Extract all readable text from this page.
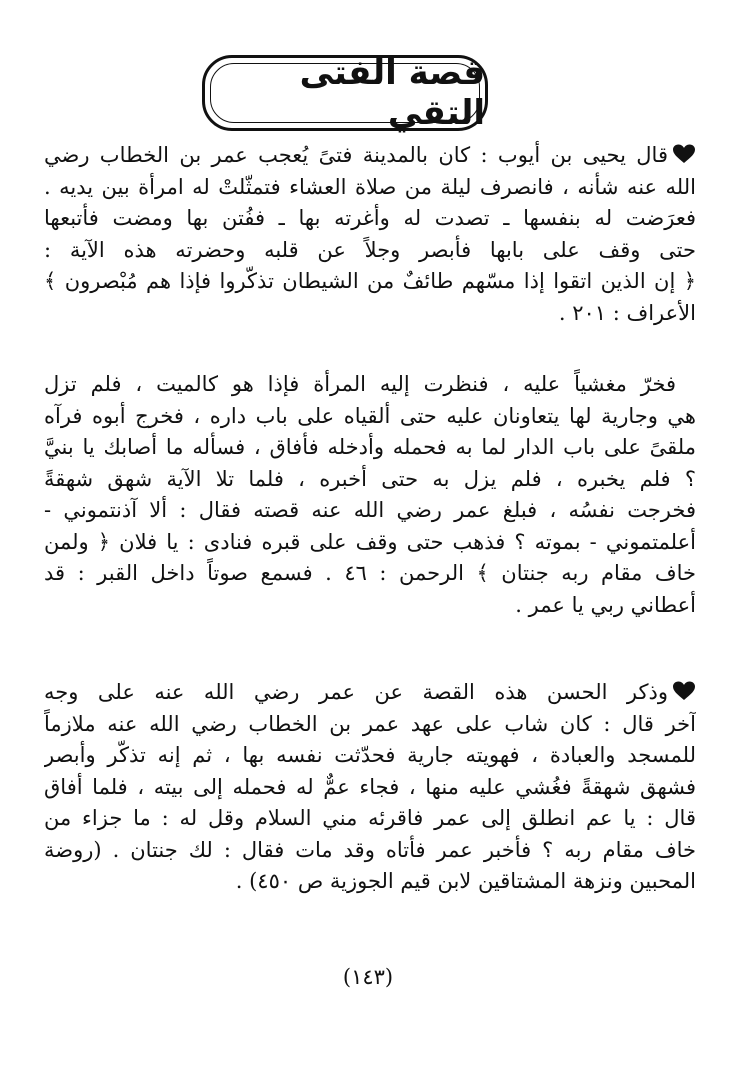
قصة الفتى التقي
قال يحيى بن أيوب : كان بالمدينة فتىً يُعجب عمر بن الخطاب رضي
الله عنه شأنه ، فانصرف ليلة من صلاة العشاء فتمثّلتْ له امرأة بين يديه .
فعرَضت له بنفسها ـ تصدت له وأغرته بها ـ ففُتن بها ومضت فأتبعها
حتى وقف على بابها فأبصر وجلاً عن قلبه وحضرته هذه الآية :
﴿ إن الذين اتقوا إذا مسّهم طائفٌ من الشيطان تذكّروا فإذا هم مُبْصرون ﴾
الأعراف : ٢٠١ .
فخرّ مغشياً عليه ، فنظرت إليه المرأة فإذا هو كالميت ، فلم تزل
هي وجارية لها يتعاونان عليه حتى ألقياه على باب داره ، فخرج أبوه فرآه
ملقىً على باب الدار لما به فحمله وأدخله فأفاق ، فسأله ما أصابك يا بنيَّ
؟ فلم يخبره ، فلم يزل به حتى أخبره ، فلما تلا الآية شهق شهقةً
فخرجت نفسُه ، فبلغ عمر رضي الله عنه قصته فقال : ألا آذنتموني -
أعلمتموني - بموته ؟ فذهب حتى وقف على قبره فنادى : يا فلان ﴿ ولمن
خاف مقام ربه جنتان ﴾ الرحمن : ٤٦ . فسمع صوتاً داخل القبر : قد
أعطاني ربي يا عمر .
وذكر الحسن هذه القصة عن عمر رضي الله عنه على وجه
آخر قال : كان شاب على عهد عمر بن الخطاب رضي الله عنه ملازماً
للمسجد والعبادة ، فهويته جارية فحدّثت نفسه بها ، ثم إنه تذكّر وأبصر
فشهق شهقةً فغُشي عليه منها ، فجاء عمٌّ له فحمله إلى بيته ، فلما أفاق
قال : يا عم انطلق إلى عمر فاقرئه مني السلام وقل له : ما جزاء من
خاف مقام ربه ؟ فأخبر عمر فأتاه وقد مات فقال : لك جنتان . (روضة
المحبين ونزهة المشتاقين لابن قيم الجوزية ص ٤٥٠) .
(١٤٣)
